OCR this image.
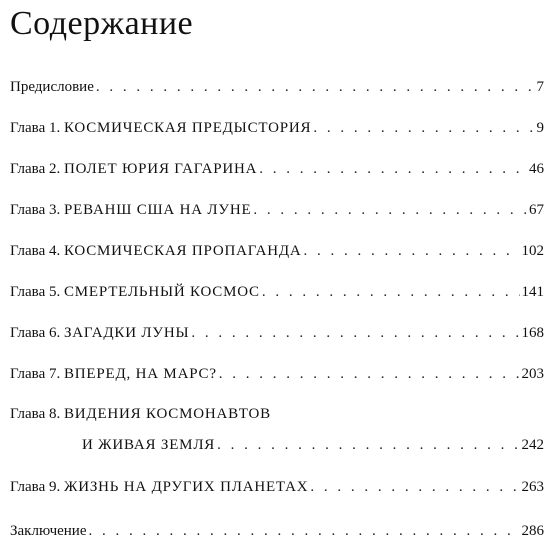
Содержание
Предисловие . . .	7
Глава 1. КОСМИЧЕСКАЯ ПРЕДЫСТОРИЯ . . .	9
Глава 2. ПОЛЕТ ЮРИЯ ГАГАРИНА . . .	46
Глава 3. РЕВАНШ США НА ЛУНЕ . . .	67
Глава 4. КОСМИЧЕСКАЯ ПРОПАГАНДА . . .	102
Глава 5. СМЕРТЕЛЬНЫЙ КОСМОС . . .	141
Глава 6. ЗАГАДКИ ЛУНЫ . . .	168
Глава 7. ВПЕРЕД, НА МАРС? . . .	203
Глава 8. ВИДЕНИЯ КОСМОНАВТОВ
И ЖИВАЯ ЗЕМЛЯ . . .	242
Глава 9. ЖИЗНЬ НА ДРУГИХ ПЛАНЕТАХ . . .	263
Заключение . . .	286
